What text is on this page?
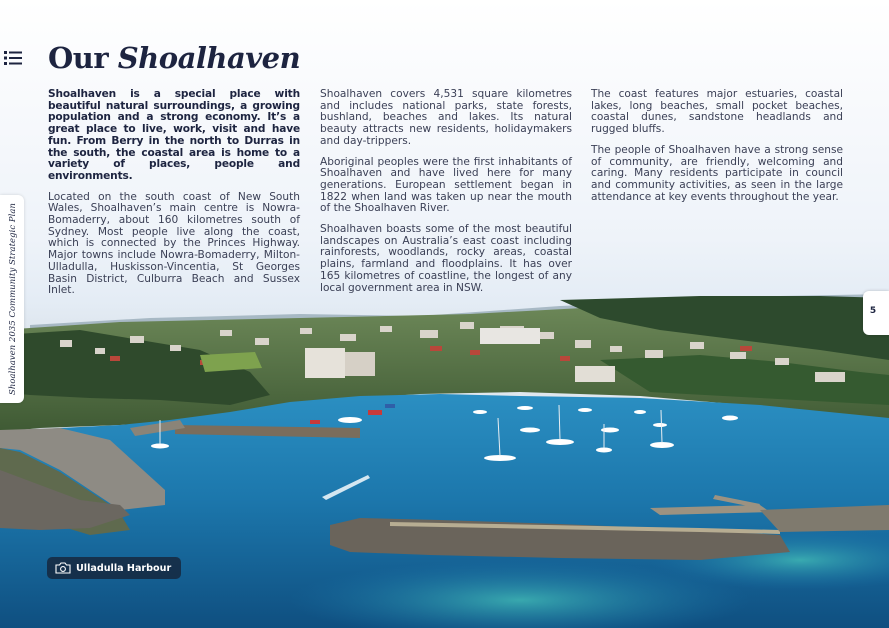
Our Shoalhaven

Shoalhaven is a special place with beautiful natural surroundings, a growing population and a strong economy. It’s a great place to live, work, visit and have fun. From Berry in the north to Durras in the south, the coastal area is home to a variety of places, people and environments.

Located on the south coast of New South Wales, Shoalhaven’s main centre is Nowra-Bomaderry, about 160 kilometres south of Sydney. Most people live along the coast, which is connected by the Princes Highway. Major towns include Nowra-Bomaderry, Milton-Ulladulla, Huskisson-Vincentia, St Georges Basin District, Culburra Beach and Sussex Inlet.

Shoalhaven covers 4,531 square kilometres and includes national parks, state forests, bushland, beaches and lakes. Its natural beauty attracts new residents, holidaymakers and day-trippers.

Aboriginal peoples were the first inhabitants of Shoalhaven and have lived here for many generations. European settlement began in 1822 when land was taken up near the mouth of the Shoalhaven River.

Shoalhaven boasts some of the most beautiful landscapes on Australia’s east coast including rainforests, woodlands, rocky areas, coastal plains, farmland and floodplains. It has over 165 kilometres of coastline, the longest of any local government area in NSW.

The coast features major estuaries, coastal lakes, long beaches, small pocket beaches, coastal dunes, sandstone headlands and rugged bluffs.

The people of Shoalhaven have a strong sense of community, are friendly, welcoming and caring. Many residents participate in council and community activities, as seen in the large attendance at key events throughout the year.

Shoalhaven 2035 Community Strategic Plan	5
Ulladulla Harbour
